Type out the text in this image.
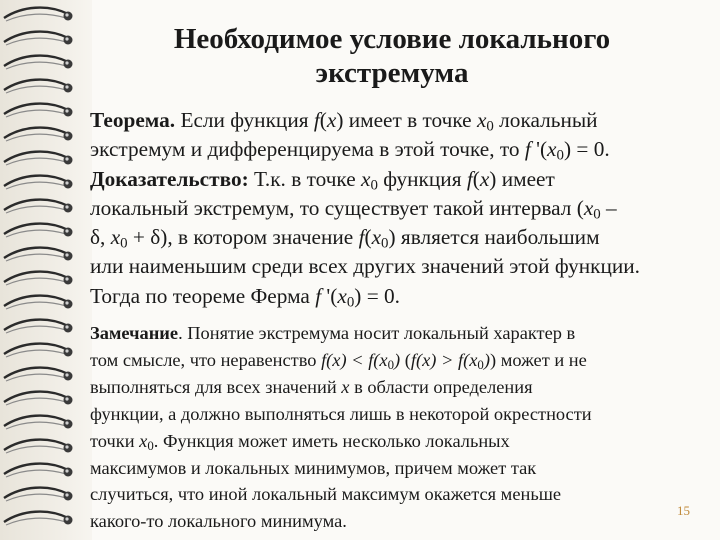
Необходимое условие локального
экстремума
Теорема. Если функция f(x) имеет в точке $x_0$ локальный
экстремум и дифференцируема в этой точке, то f '$(x_0) = 0$.
Доказательство: Т.к. в точке $x_0$ функция f(x) имеет
локальный экстремум, то существует такой интервал ($x_0$ –
δ, $x_0 + \delta$), в котором значение $f(x_0)$ является наибольшим
или наименьшим среди всех других значений этой функции.
Тогда по теореме Ферма f '$(x_0) = 0$.
Замечание. Понятие экстремума носит локальный характер в
том смысле, что неравенство $f(x) < f(x_0) (f(x) > f(x_0))$ может и не
выполняться для всех значений x в области определения
функции, а должно выполняться лишь в некоторой окрестности
точки $x_0$. Функция может иметь несколько локальных
максимумов и локальных минимумов, причем может так
случиться, что иной локальный максимум окажется меньше
какого-то локального минимума.
15
